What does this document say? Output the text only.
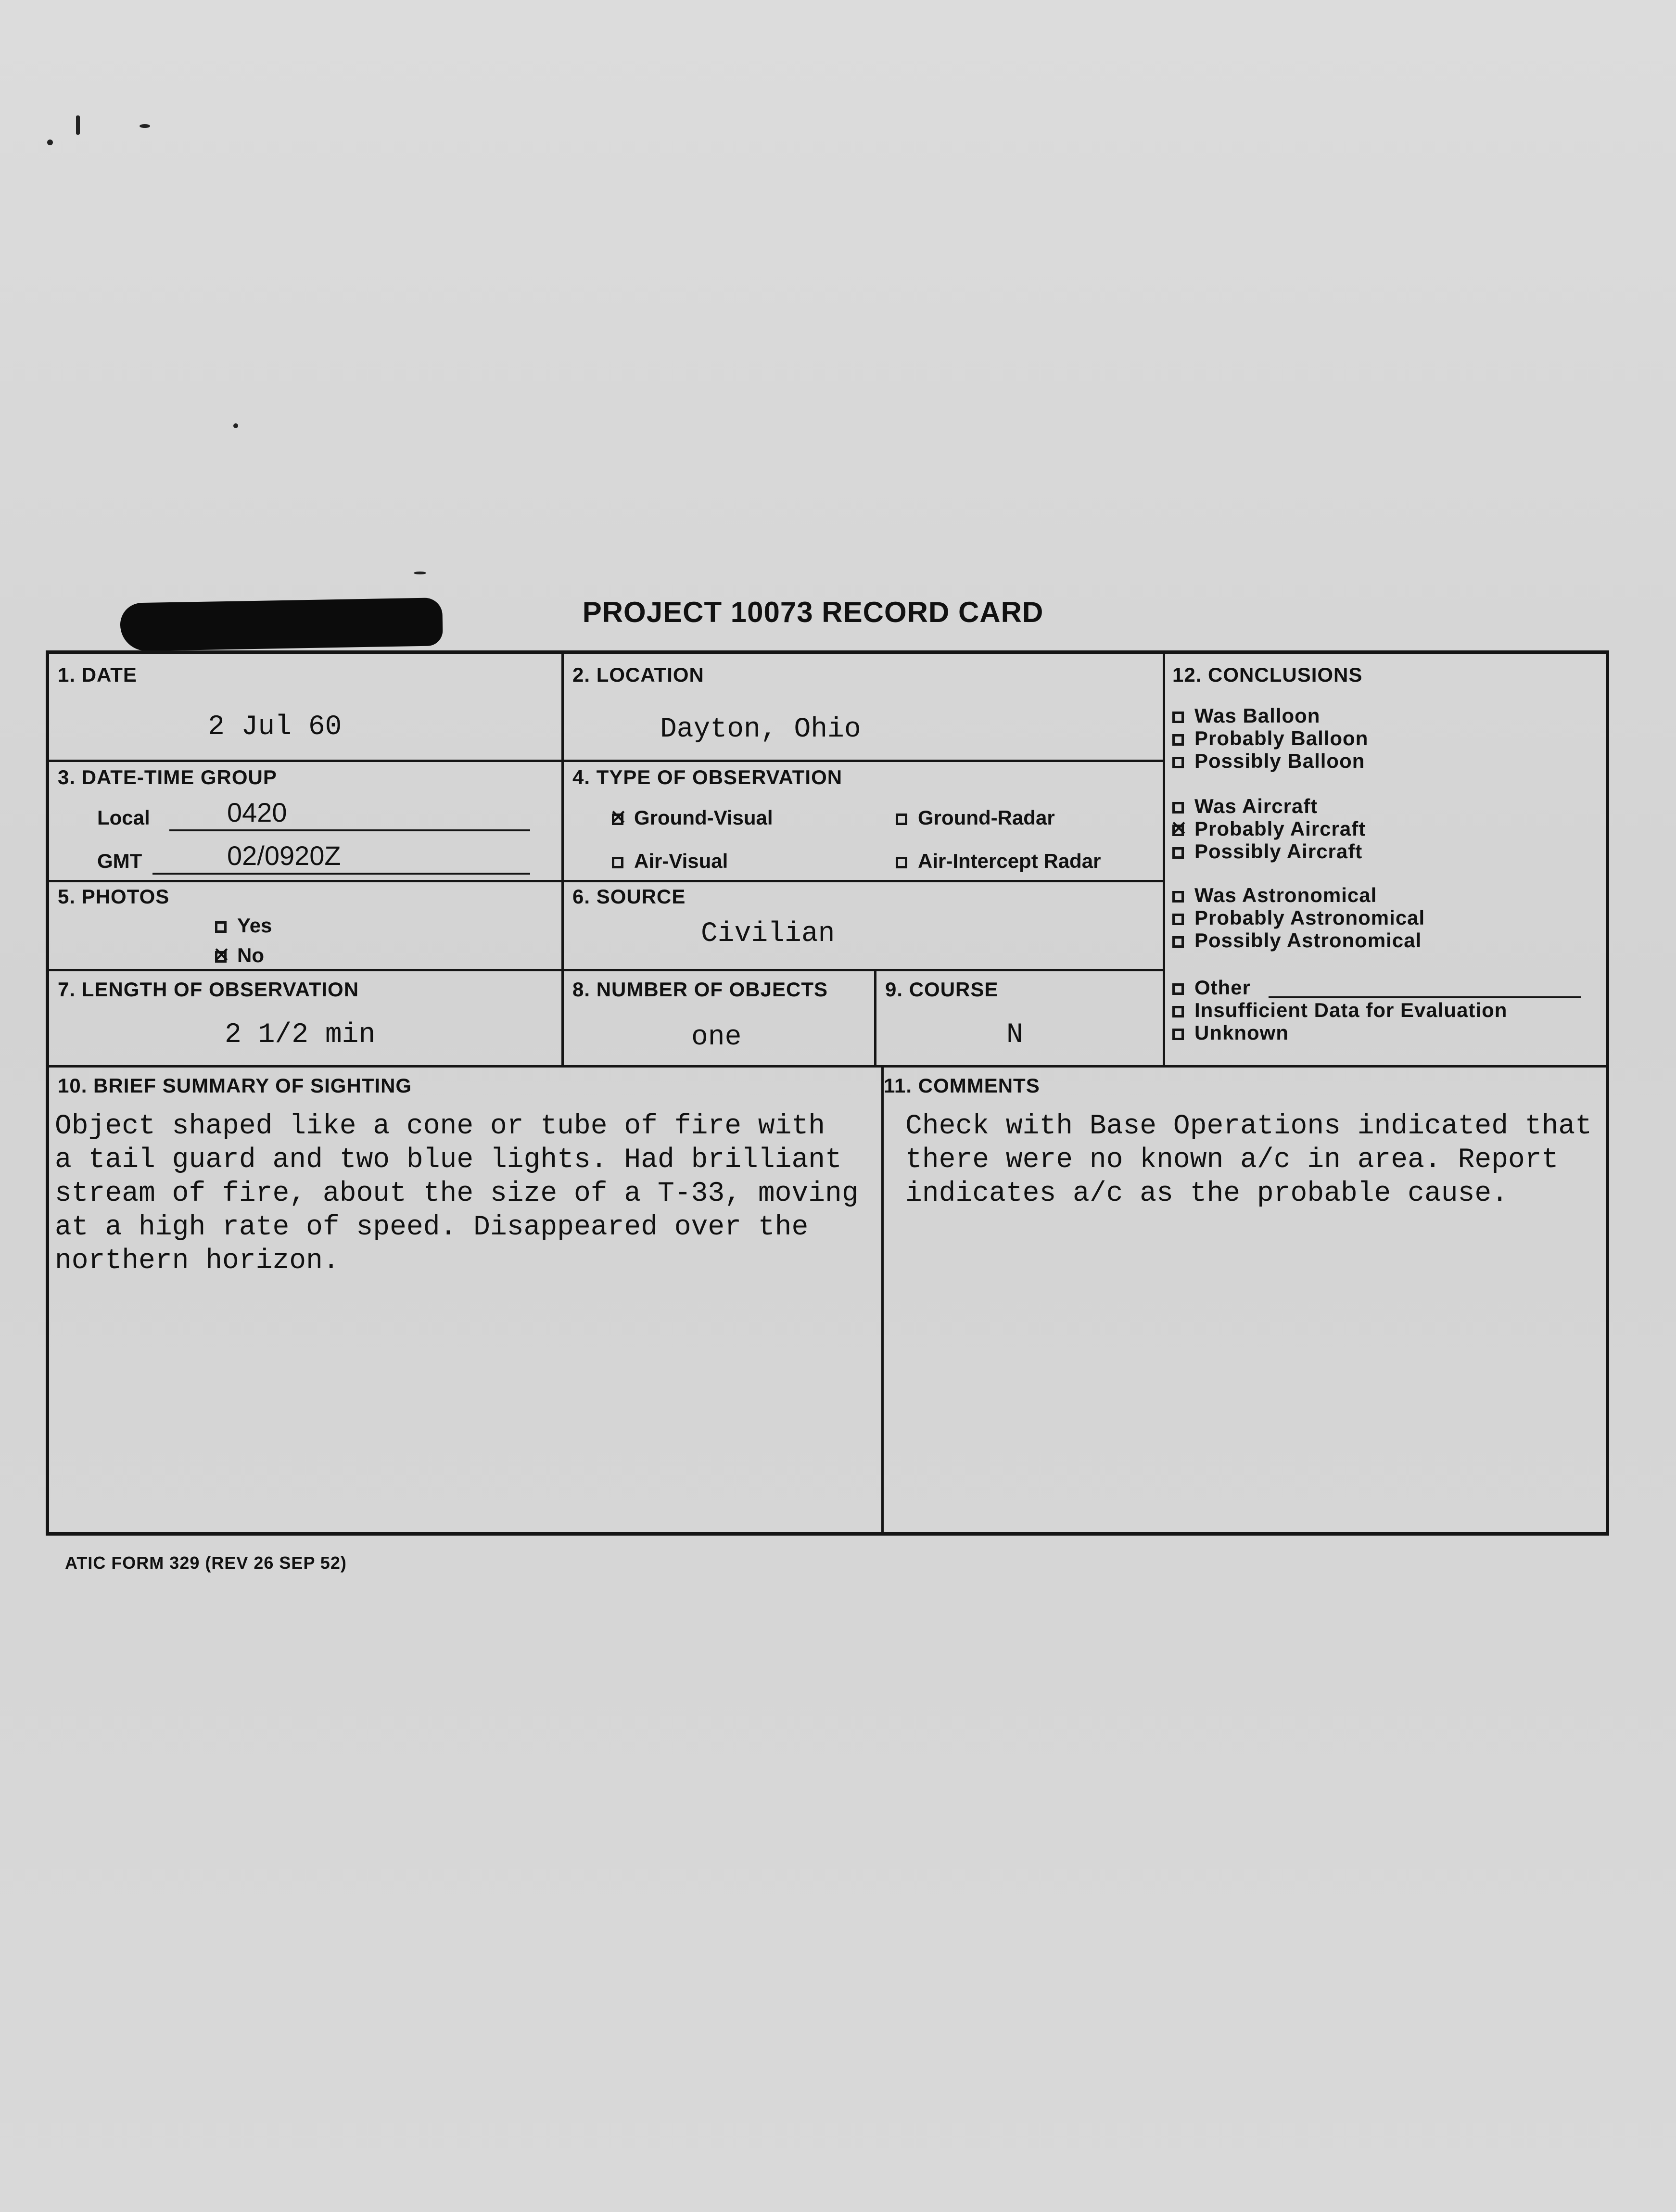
PROJECT 10073 RECORD CARD
1. DATE
2 Jul 60
2. LOCATION
Dayton, Ohio
3. DATE-TIME GROUP
Local	0420
GMT	02/0920Z
4. TYPE OF OBSERVATION
✕Ground-Visual	Ground-Radar
Air-Visual	Air-Intercept Radar
5. PHOTOS
Yes
✕No
6. SOURCE
Civilian
7. LENGTH OF OBSERVATION
2 1/2 min
8. NUMBER OF OBJECTS
one
9. COURSE
N
12. CONCLUSIONS
Was Balloon
Probably Balloon
Possibly Balloon
Was Aircraft
✕Probably Aircraft
Possibly Aircraft
Was Astronomical
Probably Astronomical
Possibly Astronomical
Other
Insufficient Data for Evaluation
Unknown
10. BRIEF SUMMARY OF SIGHTING
Object shaped like a cone or tube of fire with
a tail guard and two blue lights. Had brilliant
stream of fire, about the size of a T-33, moving
at a high rate of speed. Disappeared over the
northern horizon.
11. COMMENTS
Check with Base Operations indicated that
there were no known a/c in area. Report
indicates a/c as the probable cause.
ATIC FORM 329 (REV 26 SEP 52)
